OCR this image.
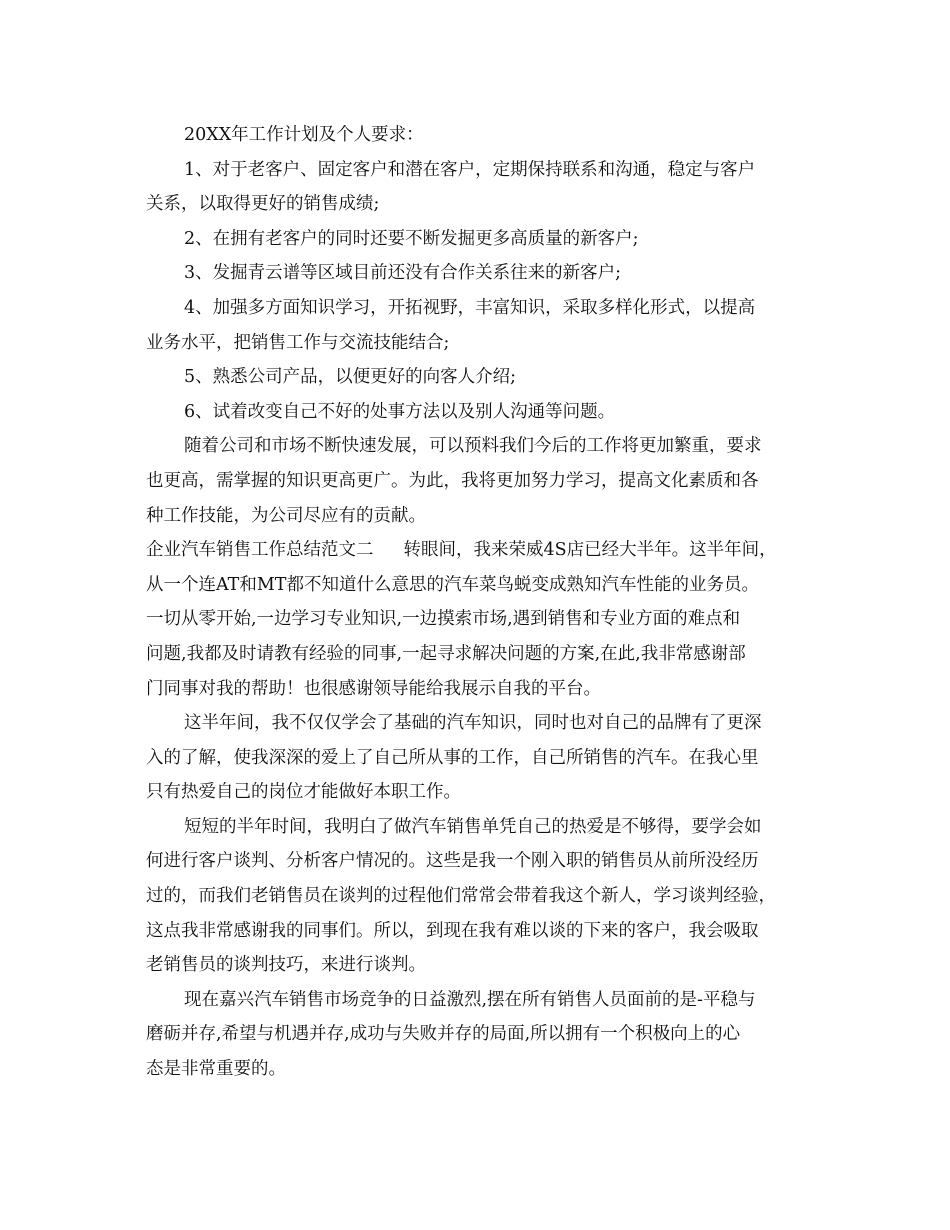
20XX年工作计划及个人要求：
1、对于老客户、固定客户和潜在客户，定期保持联系和沟通，稳定与客户
关系，以取得更好的销售成绩;
2、在拥有老客户的同时还要不断发掘更多高质量的新客户;
3、发掘青云谱等区域目前还没有合作关系往来的新客户;
4、加强多方面知识学习，开拓视野，丰富知识，采取多样化形式，以提高
业务水平，把销售工作与交流技能结合;
5、熟悉公司产品，以便更好的向客人介绍;
6、试着改变自己不好的处事方法以及别人沟通等问题。
随着公司和市场不断快速发展，可以预料我们今后的工作将更加繁重，要求
也更高，需掌握的知识更高更广。为此，我将更加努力学习，提高文化素质和各
种工作技能，为公司尽应有的贡献。
企业汽车销售工作总结范文二 转眼间，我来荣威4S店已经大半年。这半年间，
从一个连AT和MT都不知道什么意思的汽车菜鸟蜕变成熟知汽车性能的业务员。
一切从零开始,一边学习专业知识,一边摸索市场,遇到销售和专业方面的难点和
问题,我都及时请教有经验的同事,一起寻求解决问题的方案,在此,我非常感谢部
门同事对我的帮助！也很感谢领导能给我展示自我的平台。
这半年间，我不仅仅学会了基础的汽车知识，同时也对自己的品牌有了更深
入的了解，使我深深的爱上了自己所从事的工作，自己所销售的汽车。在我心里
只有热爱自己的岗位才能做好本职工作。
短短的半年时间，我明白了做汽车销售单凭自己的热爱是不够得，要学会如
何进行客户谈判、分析客户情况的。这些是我一个刚入职的销售员从前所没经历
过的，而我们老销售员在谈判的过程他们常常会带着我这个新人，学习谈判经验，
这点我非常感谢我的同事们。所以，到现在我有难以谈的下来的客户，我会吸取
老销售员的谈判技巧，来进行谈判。
现在嘉兴汽车销售市场竞争的日益激烈,摆在所有销售人员面前的是-平稳与
磨砺并存,希望与机遇并存,成功与失败并存的局面,所以拥有一个积极向上的心
态是非常重要的。
